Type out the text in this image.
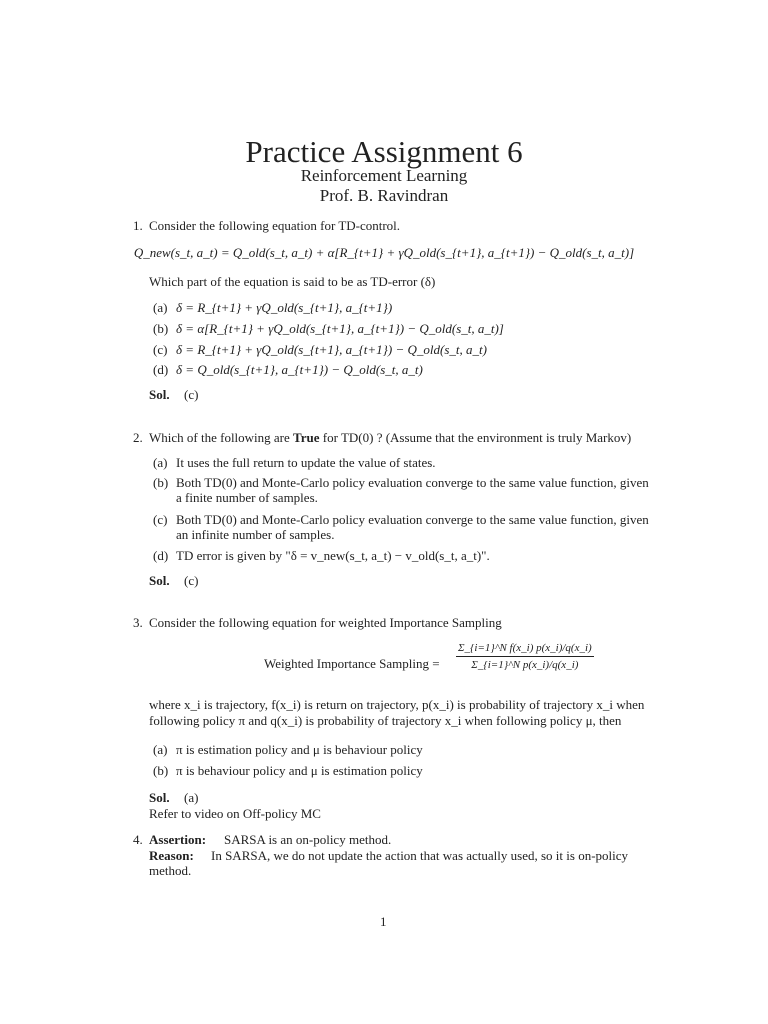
Practice Assignment 6
Reinforcement Learning
Prof. B. Ravindran
1. Consider the following equation for TD-control.
Q_new(s_t, a_t) = Q_old(s_t, a_t) + α[R_{t+1} + γQ_old(s_{t+1}, a_{t+1}) − Q_old(s_t, a_t)]
Which part of the equation is said to be as TD-error (δ)
(a) δ = R_{t+1} + γQ_old(s_{t+1}, a_{t+1})
(b) δ = α[R_{t+1} + γQ_old(s_{t+1}, a_{t+1}) − Q_old(s_t, a_t)]
(c) δ = R_{t+1} + γQ_old(s_{t+1}, a_{t+1}) − Q_old(s_t, a_t)
(d) δ = Q_old(s_{t+1}, a_{t+1}) − Q_old(s_t, a_t)
Sol. (c)
2. Which of the following are True for TD(0) ? (Assume that the environment is truly Markov)
(a) It uses the full return to update the value of states.
(b) Both TD(0) and Monte-Carlo policy evaluation converge to the same value function, given
a finite number of samples.
(c) Both TD(0) and Monte-Carlo policy evaluation converge to the same value function, given
an infinite number of samples.
(d) TD error is given by "δ = v_new(s_t, a_t) − v_old(s_t, a_t)".
Sol. (c)
3. Consider the following equation for weighted Importance Sampling
Weighted Importance Sampling = $\frac{\text{Σ\_\{i=1\}\textasciicircum{}N f(x\_i) p(x\_i)/q(x\_i)}}{\text{Σ\_\{i=1\}\textasciicircum{}N p(x\_i)/q(x\_i)}}$
where x_i is trajectory, f(x_i) is return on trajectory, p(x_i) is probability of trajectory x_i when
following policy π and q(x_i) is probability of trajectory x_i when following policy μ, then
(a) π is estimation policy and μ is behaviour policy
(b) π is behaviour policy and μ is estimation policy
Sol. (a)
Refer to video on Off-policy MC
4. Assertion: SARSA is an on-policy method.
Reason: In SARSA, we do not update the action that was actually used, so it is on-policy
method.
1
